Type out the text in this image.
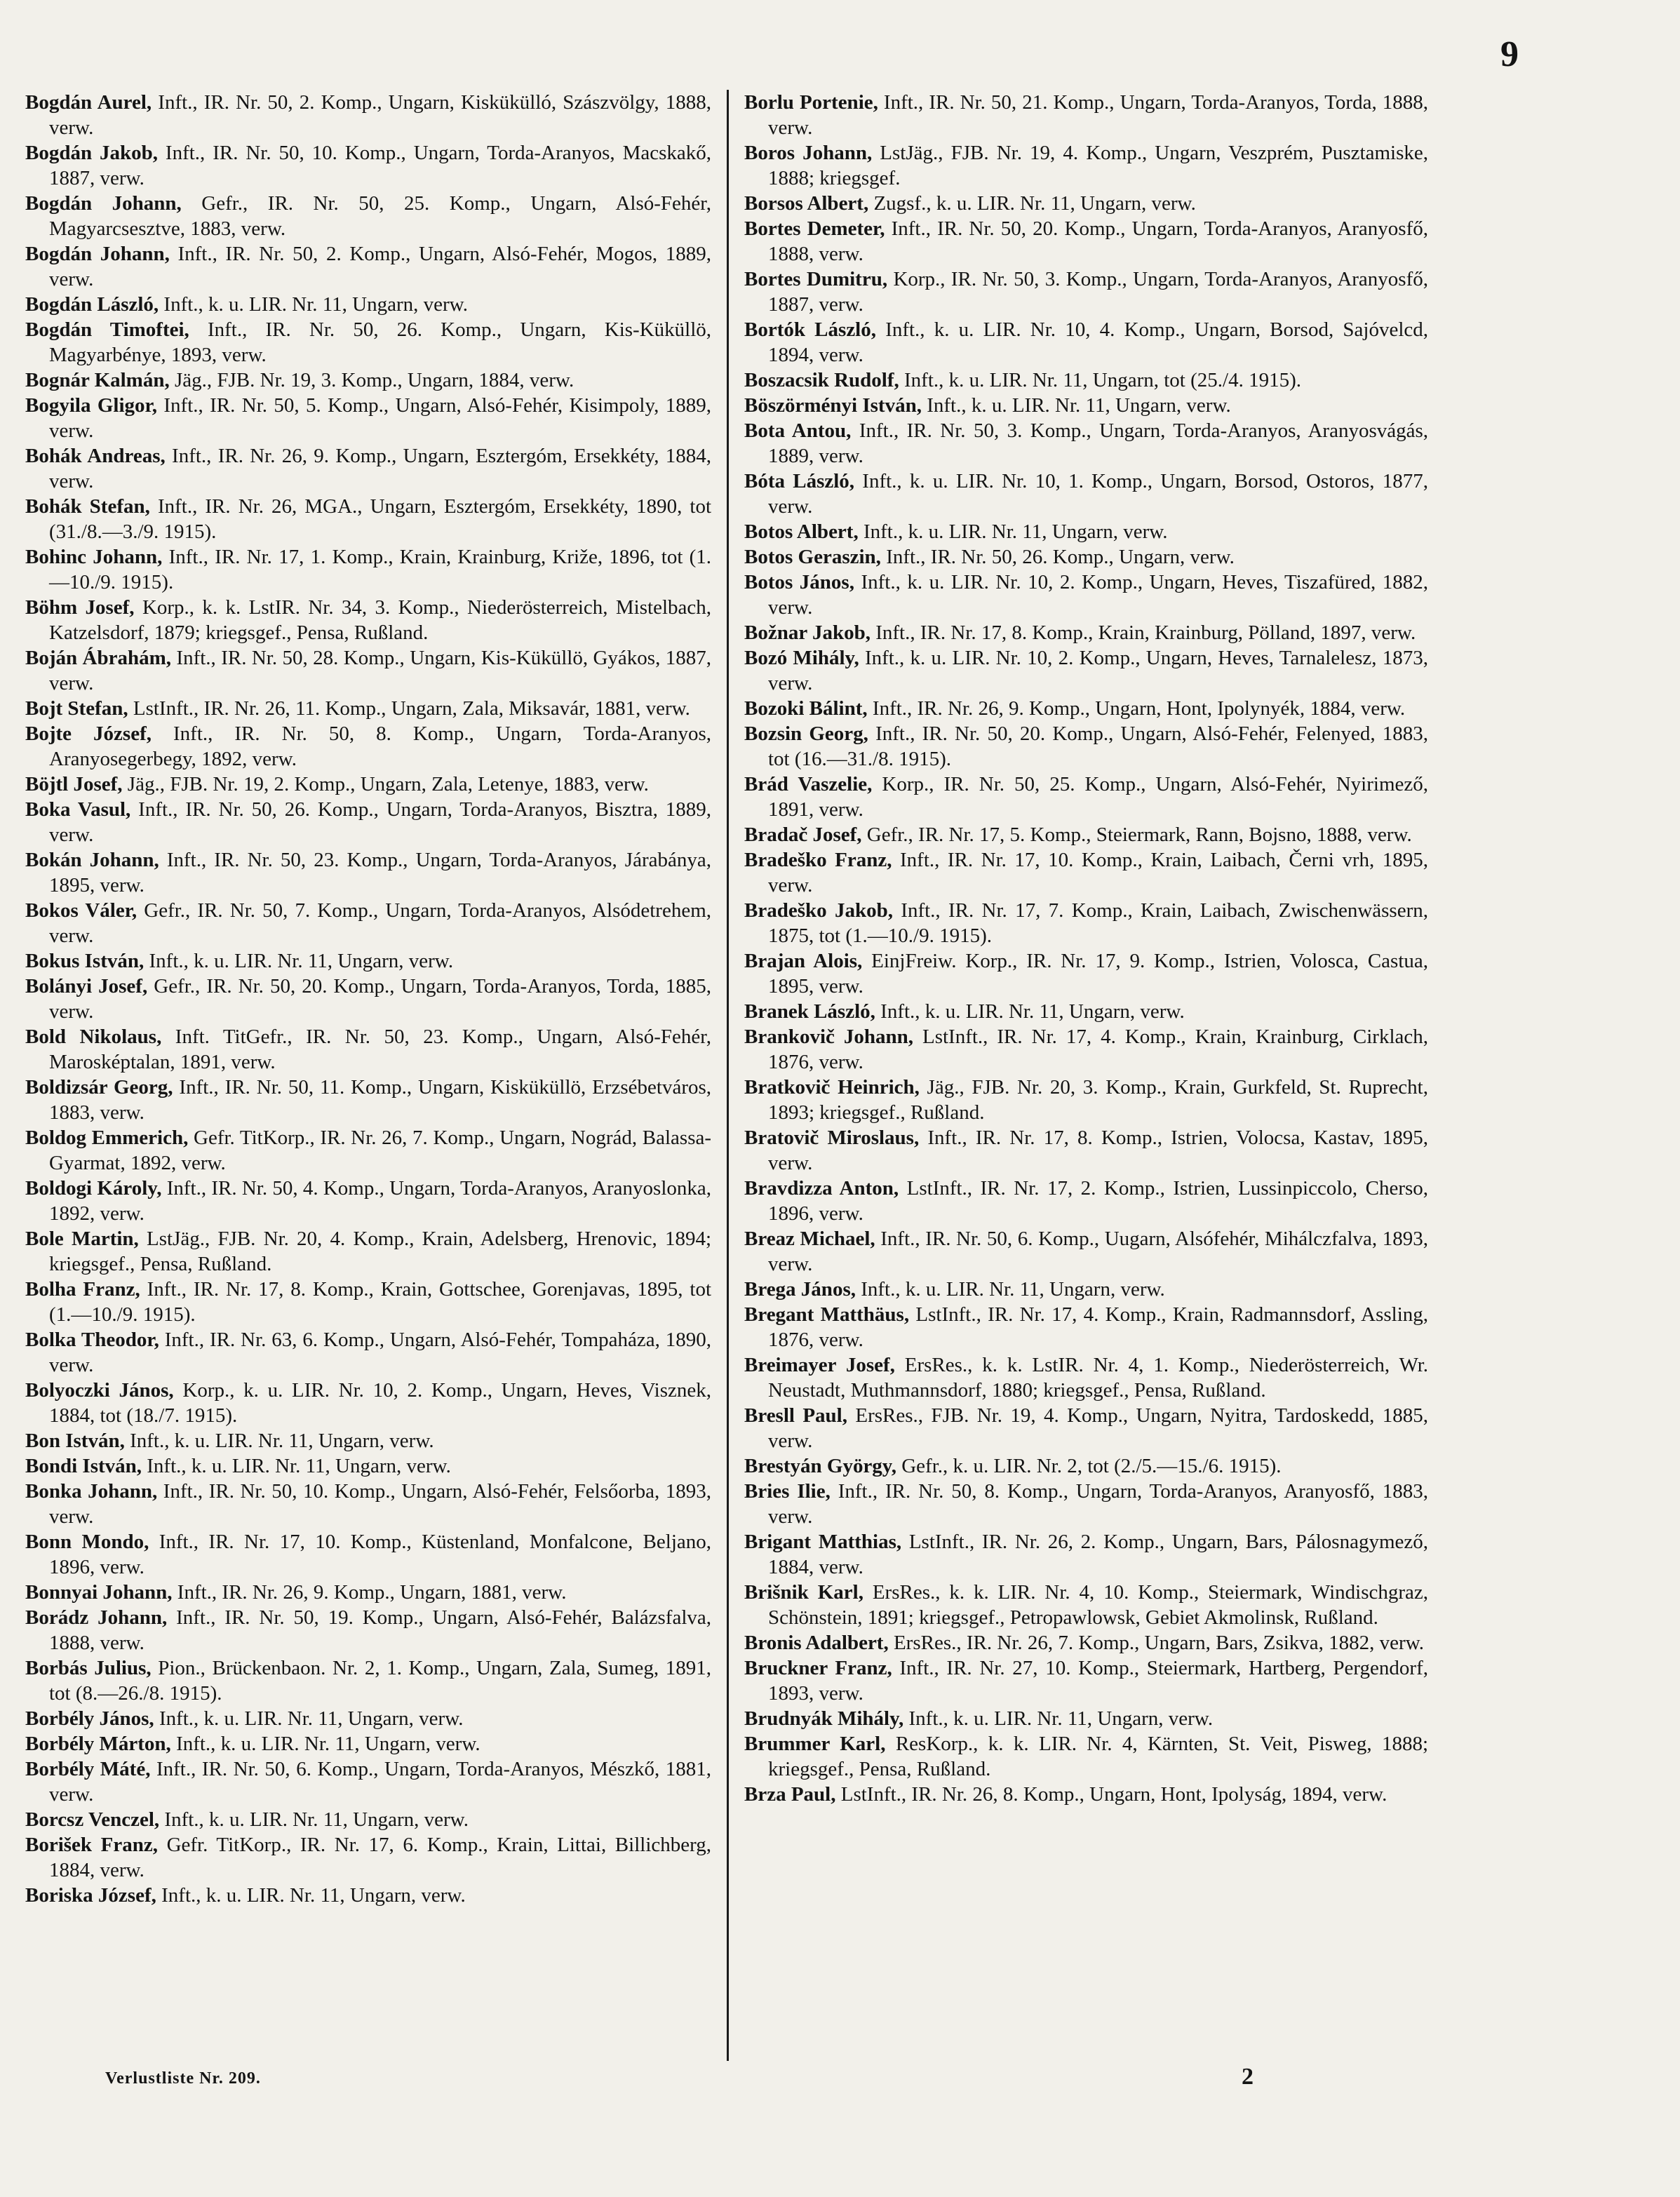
9

Bogdán Aurel, Inft., IR. Nr. 50, 2. Komp., Ungarn, Kiskükülló, Szászvölgy, 1888, verw.

Bogdán Jakob, Inft., IR. Nr. 50, 10. Komp., Ungarn, Torda-Aranyos, Macskakő, 1887, verw.

Bogdán Johann, Gefr., IR. Nr. 50, 25. Komp., Ungarn, Alsó-Fehér, Magyarcsesztve, 1883, verw.

Bogdán Johann, Inft., IR. Nr. 50, 2. Komp., Ungarn, Alsó-Fehér, Mogos, 1889, verw.

Bogdán László, Inft., k. u. LIR. Nr. 11, Ungarn, verw.

Bogdán Timoftei, Inft., IR. Nr. 50, 26. Komp., Ungarn, Kis-Küküllö, Magyarbénye, 1893, verw.

Bognár Kalmán, Jäg., FJB. Nr. 19, 3. Komp., Ungarn, 1884, verw.

Bogyila Gligor, Inft., IR. Nr. 50, 5. Komp., Ungarn, Alsó-Fehér, Kisimpoly, 1889, verw.

Bohák Andreas, Inft., IR. Nr. 26, 9. Komp., Ungarn, Esztergóm, Ersekkéty, 1884, verw.

Bohák Stefan, Inft., IR. Nr. 26, MGA., Ungarn, Esztergóm, Ersekkéty, 1890, tot (31./8.—3./9. 1915).

Bohinc Johann, Inft., IR. Nr. 17, 1. Komp., Krain, Krainburg, Križe, 1896, tot (1.—10./9. 1915).

Böhm Josef, Korp., k. k. LstIR. Nr. 34, 3. Komp., Niederösterreich, Mistelbach, Katzelsdorf, 1879; kriegsgef., Pensa, Rußland.

Boján Ábrahám, Inft., IR. Nr. 50, 28. Komp., Ungarn, Kis-Küküllö, Gyákos, 1887, verw.

Bojt Stefan, LstInft., IR. Nr. 26, 11. Komp., Ungarn, Zala, Miksavár, 1881, verw.

Bojte József, Inft., IR. Nr. 50, 8. Komp., Ungarn, Torda-Aranyos, Aranyosegerbegy, 1892, verw.

Böjtl Josef, Jäg., FJB. Nr. 19, 2. Komp., Ungarn, Zala, Letenye, 1883, verw.

Boka Vasul, Inft., IR. Nr. 50, 26. Komp., Ungarn, Torda-Aranyos, Bisztra, 1889, verw.

Bokán Johann, Inft., IR. Nr. 50, 23. Komp., Ungarn, Torda-Aranyos, Járabánya, 1895, verw.

Bokos Váler, Gefr., IR. Nr. 50, 7. Komp., Ungarn, Torda-Aranyos, Alsódetrehem, verw.

Bokus István, Inft., k. u. LIR. Nr. 11, Ungarn, verw.

Bolányi Josef, Gefr., IR. Nr. 50, 20. Komp., Ungarn, Torda-Aranyos, Torda, 1885, verw.

Bold Nikolaus, Inft. TitGefr., IR. Nr. 50, 23. Komp., Ungarn, Alsó-Fehér, Marosképtalan, 1891, verw.

Boldizsár Georg, Inft., IR. Nr. 50, 11. Komp., Ungarn, Kisküküllö, Erzsébetváros, 1883, verw.

Boldog Emmerich, Gefr. TitKorp., IR. Nr. 26, 7. Komp., Ungarn, Nográd, Balassa-Gyarmat, 1892, verw.

Boldogi Károly, Inft., IR. Nr. 50, 4. Komp., Ungarn, Torda-Aranyos, Aranyoslonka, 1892, verw.

Bole Martin, LstJäg., FJB. Nr. 20, 4. Komp., Krain, Adelsberg, Hrenovic, 1894; kriegsgef., Pensa, Rußland.

Bolha Franz, Inft., IR. Nr. 17, 8. Komp., Krain, Gottschee, Gorenjavas, 1895, tot (1.—10./9. 1915).

Bolka Theodor, Inft., IR. Nr. 63, 6. Komp., Ungarn, Alsó-Fehér, Tompaháza, 1890, verw.

Bolyoczki János, Korp., k. u. LIR. Nr. 10, 2. Komp., Ungarn, Heves, Visznek, 1884, tot (18./7. 1915).

Bon István, Inft., k. u. LIR. Nr. 11, Ungarn, verw.

Bondi István, Inft., k. u. LIR. Nr. 11, Ungarn, verw.

Bonka Johann, Inft., IR. Nr. 50, 10. Komp., Ungarn, Alsó-Fehér, Felsőorba, 1893, verw.

Bonn Mondo, Inft., IR. Nr. 17, 10. Komp., Küstenland, Monfalcone, Beljano, 1896, verw.

Bonnyai Johann, Inft., IR. Nr. 26, 9. Komp., Ungarn, 1881, verw.

Borádz Johann, Inft., IR. Nr. 50, 19. Komp., Ungarn, Alsó-Fehér, Balázsfalva, 1888, verw.

Borbás Julius, Pion., Brückenbaon. Nr. 2, 1. Komp., Ungarn, Zala, Sumeg, 1891, tot (8.—26./8. 1915).

Borbély János, Inft., k. u. LIR. Nr. 11, Ungarn, verw.

Borbély Márton, Inft., k. u. LIR. Nr. 11, Ungarn, verw.

Borbély Máté, Inft., IR. Nr. 50, 6. Komp., Ungarn, Torda-Aranyos, Mészkő, 1881, verw.

Borcsz Venczel, Inft., k. u. LIR. Nr. 11, Ungarn, verw.

Borišek Franz, Gefr. TitKorp., IR. Nr. 17, 6. Komp., Krain, Littai, Billichberg, 1884, verw.

Boriska József, Inft., k. u. LIR. Nr. 11, Ungarn, verw.

Borlu Portenie, Inft., IR. Nr. 50, 21. Komp., Ungarn, Torda-Aranyos, Torda, 1888, verw.

Boros Johann, LstJäg., FJB. Nr. 19, 4. Komp., Ungarn, Veszprém, Pusztamiske, 1888; kriegsgef.

Borsos Albert, Zugsf., k. u. LIR. Nr. 11, Ungarn, verw.

Bortes Demeter, Inft., IR. Nr. 50, 20. Komp., Ungarn, Torda-Aranyos, Aranyosfő, 1888, verw.

Bortes Dumitru, Korp., IR. Nr. 50, 3. Komp., Ungarn, Torda-Aranyos, Aranyosfő, 1887, verw.

Bortók László, Inft., k. u. LIR. Nr. 10, 4. Komp., Ungarn, Borsod, Sajóvelcd, 1894, verw.

Boszacsik Rudolf, Inft., k. u. LIR. Nr. 11, Ungarn, tot (25./4. 1915).

Böszörményi István, Inft., k. u. LIR. Nr. 11, Ungarn, verw.

Bota Antou, Inft., IR. Nr. 50, 3. Komp., Ungarn, Torda-Aranyos, Aranyosvágás, 1889, verw.

Bóta László, Inft., k. u. LIR. Nr. 10, 1. Komp., Ungarn, Borsod, Ostoros, 1877, verw.

Botos Albert, Inft., k. u. LIR. Nr. 11, Ungarn, verw.

Botos Geraszin, Inft., IR. Nr. 50, 26. Komp., Ungarn, verw.

Botos János, Inft., k. u. LIR. Nr. 10, 2. Komp., Ungarn, Heves, Tiszafüred, 1882, verw.

Božnar Jakob, Inft., IR. Nr. 17, 8. Komp., Krain, Krainburg, Pölland, 1897, verw.

Bozó Mihály, Inft., k. u. LIR. Nr. 10, 2. Komp., Ungarn, Heves, Tarnalelesz, 1873, verw.

Bozoki Bálint, Inft., IR. Nr. 26, 9. Komp., Ungarn, Hont, Ipolynyék, 1884, verw.

Bozsin Georg, Inft., IR. Nr. 50, 20. Komp., Ungarn, Alsó-Fehér, Felenyed, 1883, tot (16.—31./8. 1915).

Brád Vaszelie, Korp., IR. Nr. 50, 25. Komp., Ungarn, Alsó-Fehér, Nyirimező, 1891, verw.

Bradač Josef, Gefr., IR. Nr. 17, 5. Komp., Steiermark, Rann, Bojsno, 1888, verw.

Bradeško Franz, Inft., IR. Nr. 17, 10. Komp., Krain, Laibach, Černi vrh, 1895, verw.

Bradeško Jakob, Inft., IR. Nr. 17, 7. Komp., Krain, Laibach, Zwischenwässern, 1875, tot (1.—10./9. 1915).

Brajan Alois, EinjFreiw. Korp., IR. Nr. 17, 9. Komp., Istrien, Volosca, Castua, 1895, verw.

Branek László, Inft., k. u. LIR. Nr. 11, Ungarn, verw.

Brankovič Johann, LstInft., IR. Nr. 17, 4. Komp., Krain, Krainburg, Cirklach, 1876, verw.

Bratkovič Heinrich, Jäg., FJB. Nr. 20, 3. Komp., Krain, Gurkfeld, St. Ruprecht, 1893; kriegsgef., Rußland.

Bratovič Miroslaus, Inft., IR. Nr. 17, 8. Komp., Istrien, Volocsa, Kastav, 1895, verw.

Bravdizza Anton, LstInft., IR. Nr. 17, 2. Komp., Istrien, Lussinpiccolo, Cherso, 1896, verw.

Breaz Michael, Inft., IR. Nr. 50, 6. Komp., Uugarn, Alsófehér, Mihálczfalva, 1893, verw.

Brega János, Inft., k. u. LIR. Nr. 11, Ungarn, verw.

Bregant Matthäus, LstInft., IR. Nr. 17, 4. Komp., Krain, Radmannsdorf, Assling, 1876, verw.

Breimayer Josef, ErsRes., k. k. LstIR. Nr. 4, 1. Komp., Niederösterreich, Wr. Neustadt, Muthmannsdorf, 1880; kriegsgef., Pensa, Rußland.

Bresll Paul, ErsRes., FJB. Nr. 19, 4. Komp., Ungarn, Nyitra, Tardoskedd, 1885, verw.

Brestyán György, Gefr., k. u. LIR. Nr. 2, tot (2./5.—15./6. 1915).

Bries Ilie, Inft., IR. Nr. 50, 8. Komp., Ungarn, Torda-Aranyos, Aranyosfő, 1883, verw.

Brigant Matthias, LstInft., IR. Nr. 26, 2. Komp., Ungarn, Bars, Pálosnagymező, 1884, verw.

Brišnik Karl, ErsRes., k. k. LIR. Nr. 4, 10. Komp., Steiermark, Windischgraz, Schönstein, 1891; kriegsgef., Petropawlowsk, Gebiet Akmolinsk, Rußland.

Bronis Adalbert, ErsRes., IR. Nr. 26, 7. Komp., Ungarn, Bars, Zsikva, 1882, verw.

Bruckner Franz, Inft., IR. Nr. 27, 10. Komp., Steiermark, Hartberg, Pergendorf, 1893, verw.

Brudnyák Mihály, Inft., k. u. LIR. Nr. 11, Ungarn, verw.

Brummer Karl, ResKorp., k. k. LIR. Nr. 4, Kärnten, St. Veit, Pisweg, 1888; kriegsgef., Pensa, Rußland.

Brza Paul, LstInft., IR. Nr. 26, 8. Komp., Ungarn, Hont, Ipolyság, 1894, verw.

Verlustliste Nr. 209.	2
